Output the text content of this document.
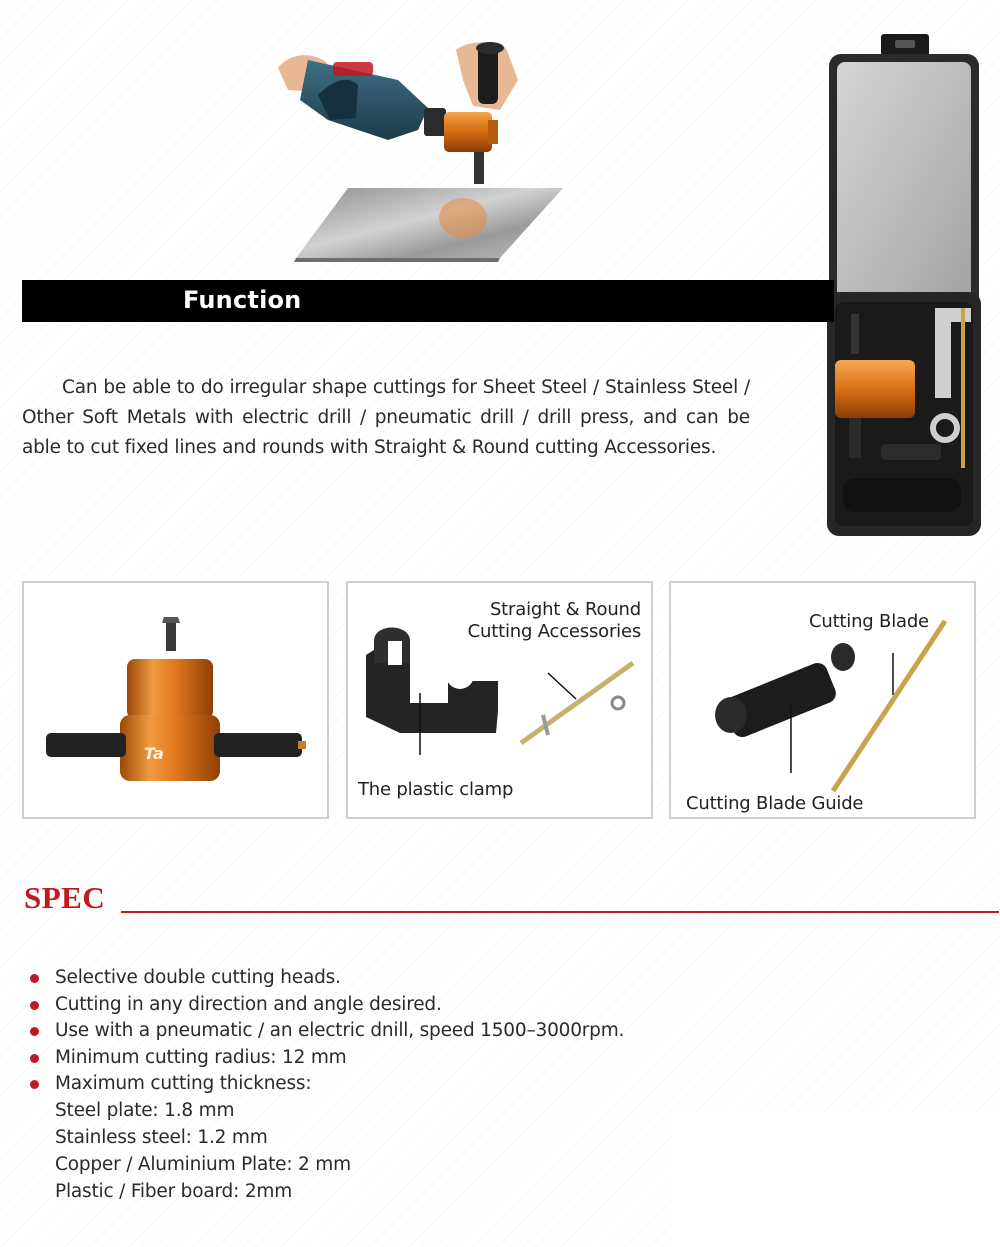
Function

Can be able to do irregular shape cuttings for Sheet Steel / Stainless Steel / Other Soft Metals with electric drill / pneumatic drill / drill press, and can be able to cut fixed lines and rounds with Straight & Round cutting Accessories.

Ta
Straight & Round
Cutting Accessories
The plastic clamp
Cutting Blade
Cutting Blade Guide
SPEC
Selective double cutting heads.
Cutting in any direction and angle desired.
Use with a pneumatic / an electric dnill, speed 1500–3000rpm.
Minimum cutting radius: 12 mm
Maximum cutting thickness:
Steel plate: 1.8 mm
Stainless steel: 1.2 mm
Copper / Aluminium Plate: 2 mm
Plastic / Fiber board: 2mm
